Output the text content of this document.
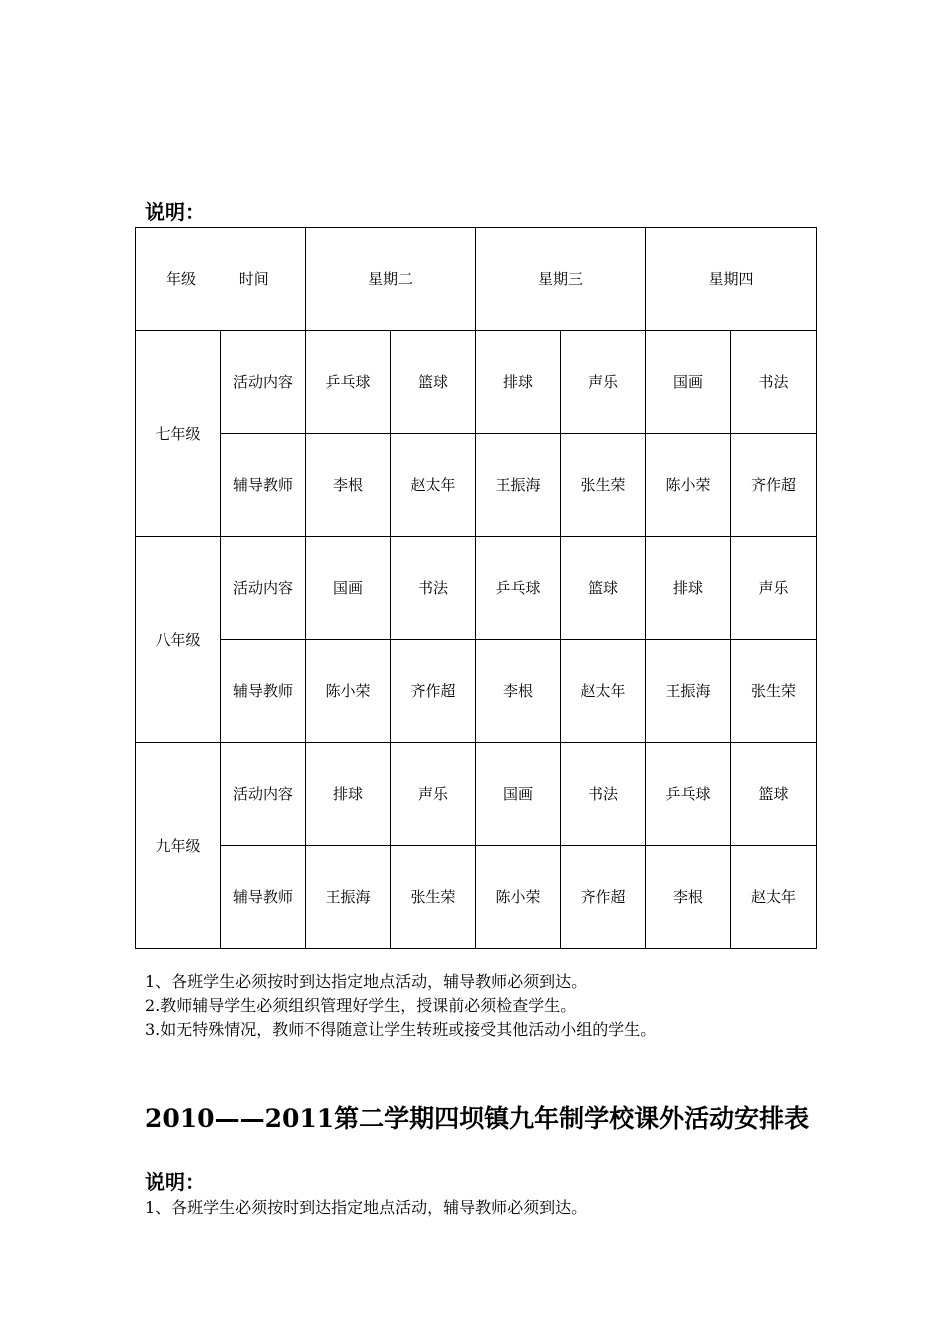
说明：
年级 时间		星期二		星期三		星期四	
七年级	活动内容	乒乓球	篮球	排球	声乐	国画	书法
	辅导教师	李根	赵太年	王振海	张生荣	陈小荣	齐作超
八年级	活动内容	国画	书法	乒乓球	篮球	排球	声乐
	辅导教师	陈小荣	齐作超	李根	赵太年	王振海	张生荣
九年级	活动内容	排球	声乐	国画	书法	乒乓球	篮球
	辅导教师	王振海	张生荣	陈小荣	齐作超	李根	赵太年
1、各班学生必须按时到达指定地点活动，辅导教师必须到达。
2.教师辅导学生必须组织管理好学生，授课前必须检查学生。
3.如无特殊情况，教师不得随意让学生转班或接受其他活动小组的学生。
2010——2011第二学期四坝镇九年制学校课外活动安排表
说明：
1、各班学生必须按时到达指定地点活动，辅导教师必须到达。
